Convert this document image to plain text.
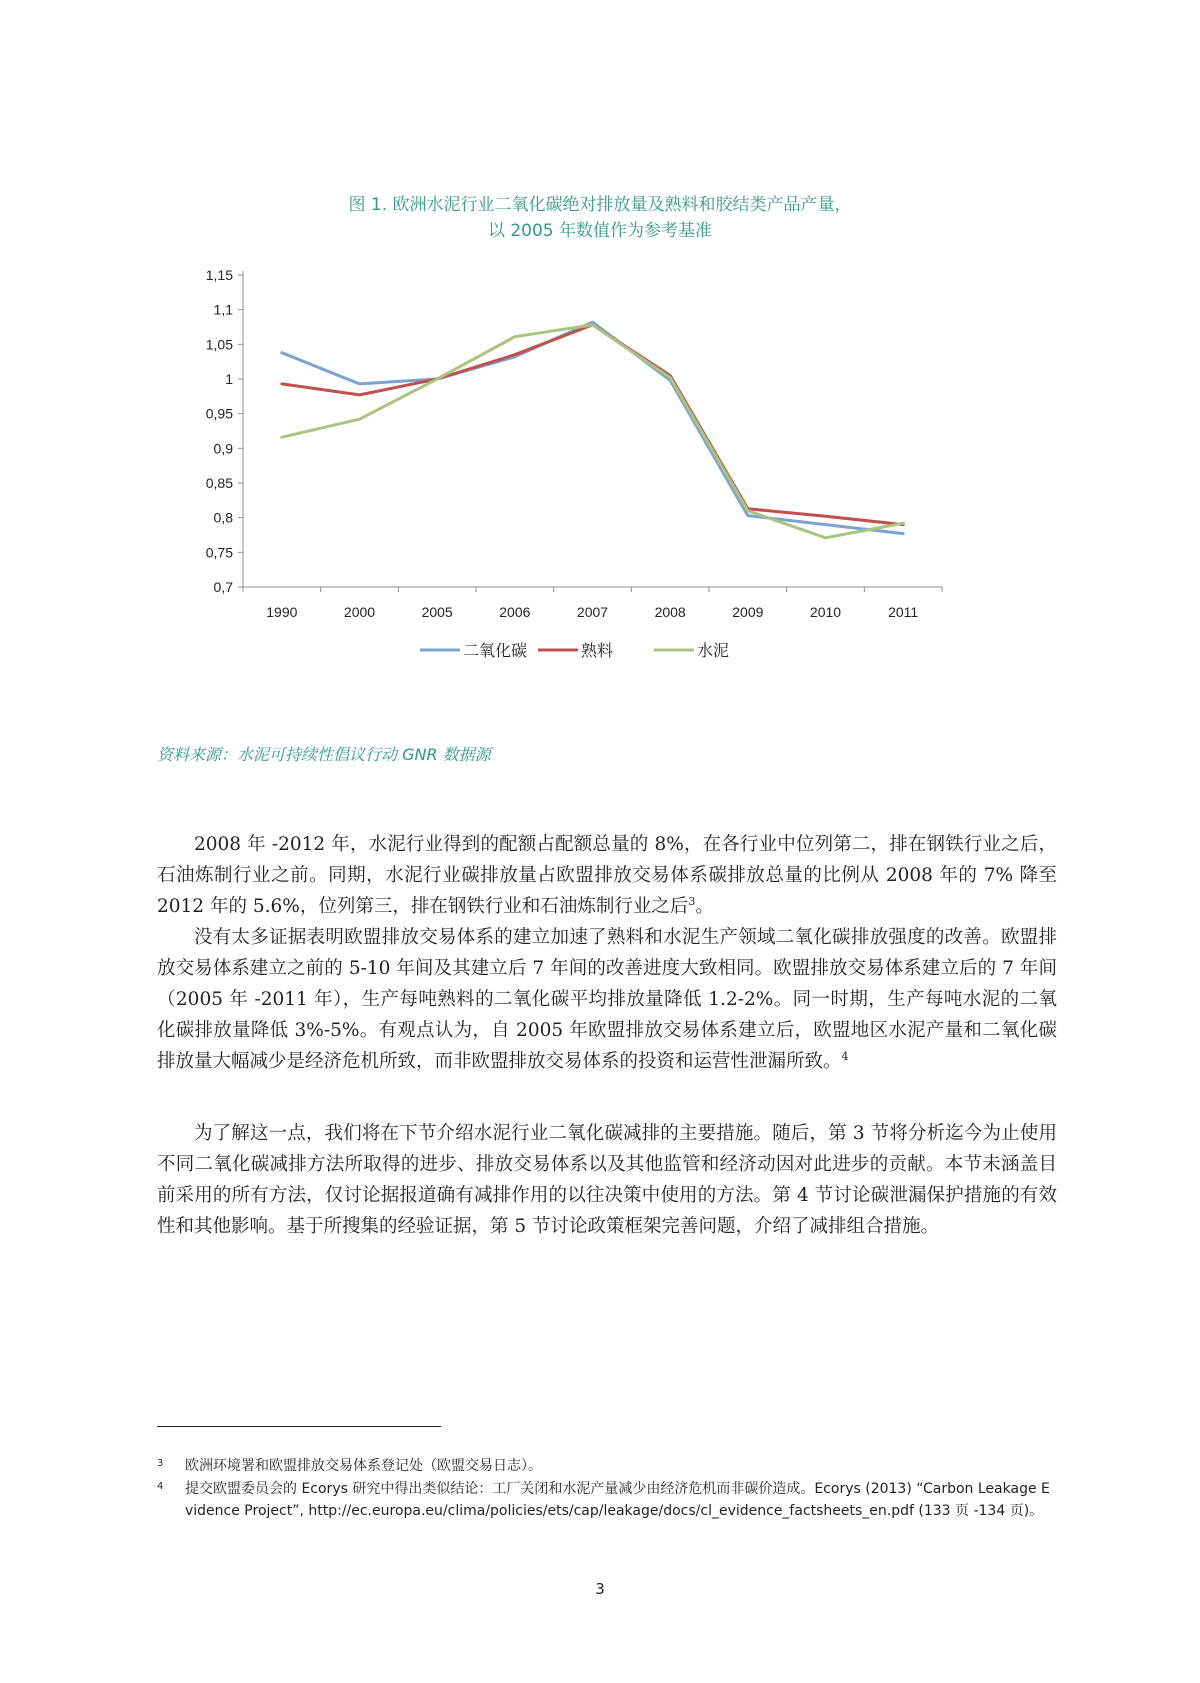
图 1. 欧洲水泥行业二氧化碳绝对排放量及熟料和胶结类产品产量，
以 2005 年数值作为参考基准
1,15
1,1
1,05
1
0,95
0,9
0,85
0,8
0,75
0,7
1990	2000	2005	2006	2007	2008	2009	2010	2011
二氧化碳	熟料	水泥
资料来源：水泥可持续性倡议行动 GNR 数据源

2008 年 -2012 年，水泥行业得到的配额占配额总量的 8%，在各行业中位列第二，排在钢铁行业之后，石油炼制行业之前。同期，水泥行业碳排放量占欧盟排放交易体系碳排放总量的比例从 2008 年的 7% 降至 2012 年的 5.6%，位列第三，排在钢铁行业和石油炼制行业之后$^3$。

没有太多证据表明欧盟排放交易体系的建立加速了熟料和水泥生产领域二氧化碳排放强度的改善。欧盟排放交易体系建立之前的 5-10 年间及其建立后 7 年间的改善进度大致相同。欧盟排放交易体系建立后的 7 年间（2005 年 -2011 年），生产每吨熟料的二氧化碳平均排放量降低 1.2-2%。同一时期，生产每吨水泥的二氧化碳排放量降低 3%-5%。有观点认为，自 2005 年欧盟排放交易体系建立后，欧盟地区水泥产量和二氧化碳排放量大幅减少是经济危机所致，而非欧盟排放交易体系的投资和运营性泄漏所致。$^4$

为了解这一点，我们将在下节介绍水泥行业二氧化碳减排的主要措施。随后，第 3 节将分析迄今为止使用不同二氧化碳减排方法所取得的进步、排放交易体系以及其他监管和经济动因对此进步的贡献。本节未涵盖目前采用的所有方法，仅讨论据报道确有减排作用的以往决策中使用的方法。第 4 节讨论碳泄漏保护措施的有效性和其他影响。基于所搜集的经验证据，第 5 节讨论政策框架完善问题，介绍了减排组合措施。

3 欧洲环境署和欧盟排放交易体系登记处（欧盟交易日志）。
4 提交欧盟委员会的 Ecorys 研究中得出类似结论：工厂关闭和水泥产量减少由经济危机而非碳价造成。Ecorys (2013) “Carbon Leakage Evidence Project”, http://ec.europa.eu/clima/policies/ets/cap/leakage/docs/cl_evidence_factsheets_en.pdf (133 页 -134 页)。
3
